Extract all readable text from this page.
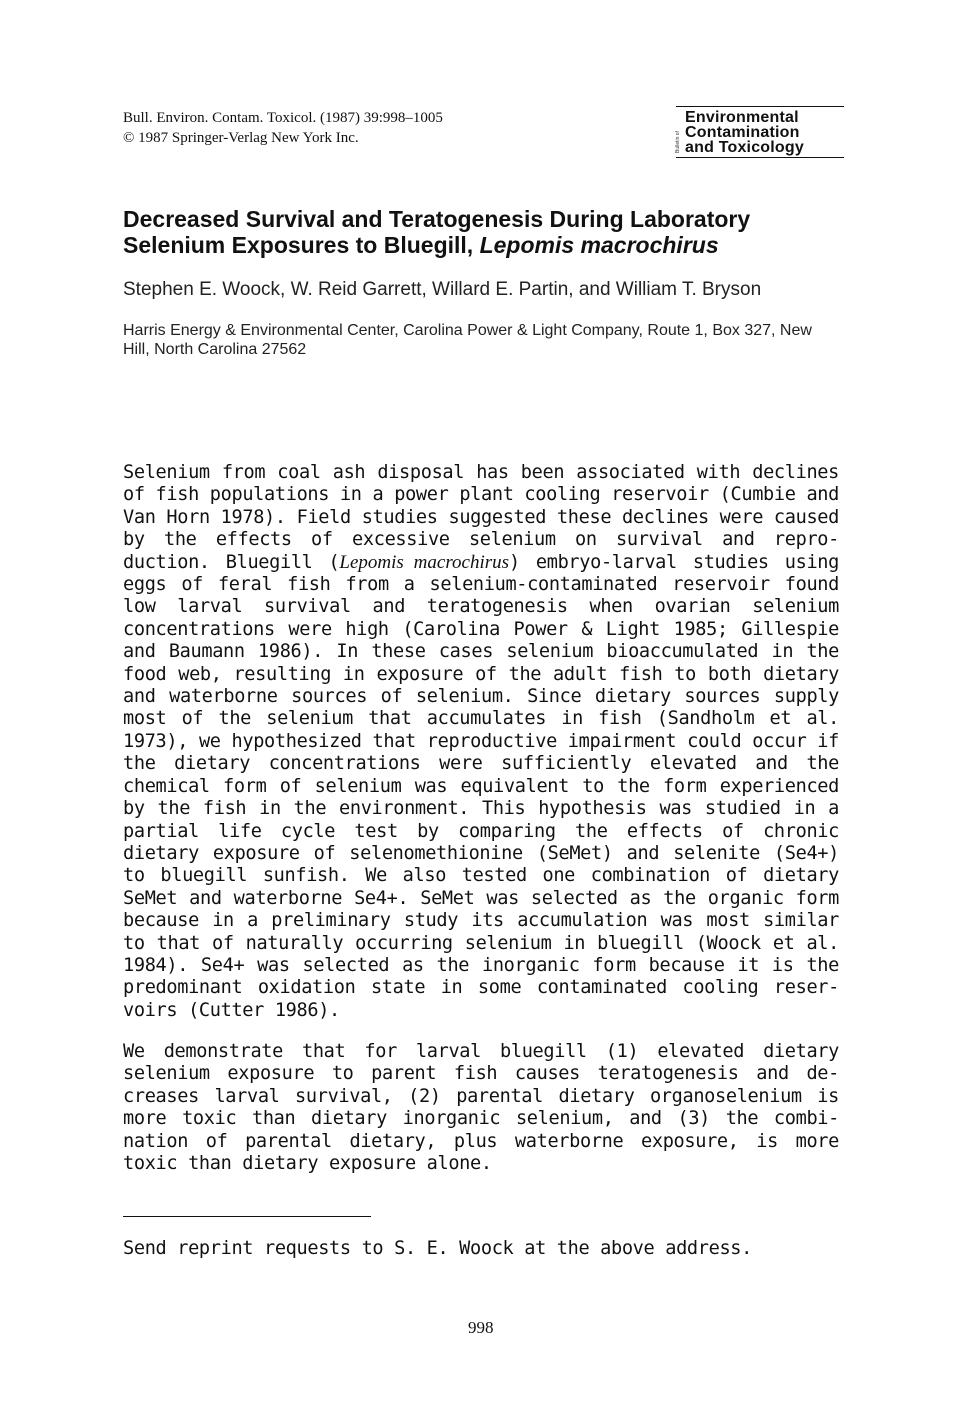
Bull. Environ. Contam. Toxicol. (1987) 39:998–1005
© 1987 Springer-Verlag New York Inc.	Bulletin of
Environmental
Contamination
and Toxicology
Decreased Survival and Teratogenesis During Laboratory
Selenium Exposures to Bluegill, Lepomis macrochirus
Stephen E. Woock, W. Reid Garrett, Willard E. Partin, and William T. Bryson
Harris Energy & Environmental Center, Carolina Power & Light Company, Route 1, Box 327, New Hill, North Carolina 27562

Selenium from coal ash disposal has been associated with declines of fish populations in a power plant cooling reservoir (Cumbie and Van Horn 1978). Field studies suggested these declines were caused by the effects of excessive selenium on survival and repro- duction. Bluegill (Lepomis macrochirus) embryo-larval studies using eggs of feral fish from a selenium-contaminated reservoir found low larval survival and teratogenesis when ovarian selenium concentrations were high (Carolina Power & Light 1985; Gillespie and Baumann 1986). In these cases selenium bioaccumulated in the food web, resulting in exposure of the adult fish to both dietary and waterborne sources of selenium. Since dietary sources supply most of the selenium that accumulates in fish (Sandholm et al. 1973), we hypothesized that reproductive impairment could occur if the dietary concentrations were sufficiently elevated and the chemical form of selenium was equivalent to the form experienced by the fish in the environment. This hypothesis was studied in a partial life cycle test by comparing the effects of chronic dietary exposure of selenomethionine (SeMet) and selenite (Se4+) to bluegill sunfish. We also tested one combination of dietary SeMet and waterborne Se4+. SeMet was selected as the organic form because in a preliminary study its accumulation was most similar to that of naturally occurring selenium in bluegill (Woock et al. 1984). Se4+ was selected as the inorganic form because it is the predominant oxidation state in some contaminated cooling reser- voirs (Cutter 1986).

We demonstrate that for larval bluegill (1) elevated dietary selenium exposure to parent fish causes teratogenesis and de- creases larval survival, (2) parental dietary organoselenium is more toxic than dietary inorganic selenium, and (3) the combi- nation of parental dietary, plus waterborne exposure, is more toxic than dietary exposure alone.

Send reprint requests to S. E. Woock at the above address.
998
